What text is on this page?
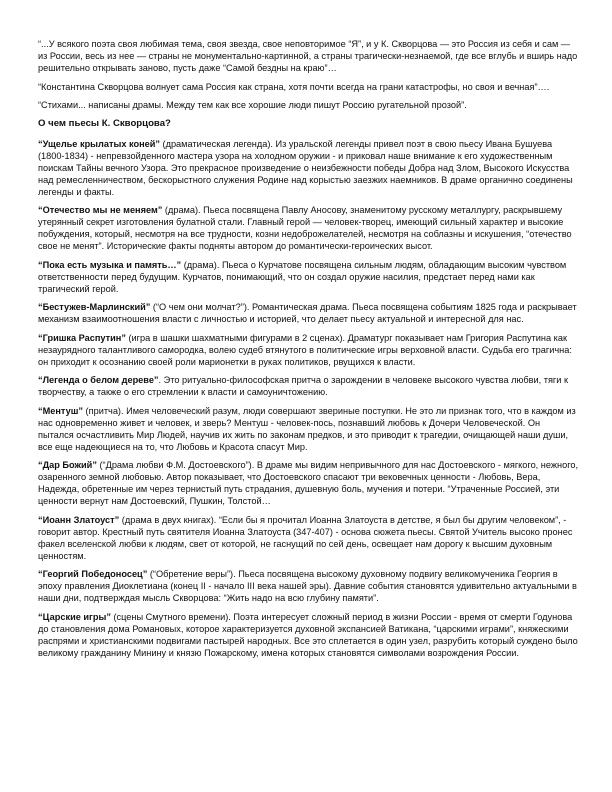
“...У всякого поэта своя любимая тема, своя звезда, свое неповторимое “Я”, и у К. Скворцова — это Россия из себя и сам — из России, весь из нее — страны не монументально-картинной, а страны трагически-незнаемой, где все вглубь и вширь надо решительно открывать заново, пусть даже “Самой бездны на краю”…

“Константина Скворцова волнует сама Россия как страна, хотя почти всегда на грани катастрофы, но своя и вечная”….

“Стихами... написаны драмы. Между тем как все хорошие люди пишут Россию ругательной прозой”.

О чем пьесы К. Скворцова?

“Ущелье крылатых коней” (драматическая легенда). Из уральской легенды привел поэт в свою пьесу Ивана Бушуева (1800-1834) - непревзойденного мастера узора на холодном оружии - и приковал наше внимание к его художественным поискам Тайны вечного Узора. Это прекрасное произведение о неизбежности победы Добра над Злом, Высокого Искусства над ремесленничеством, бескорыстного служения Родине над корыстью заезжих наемников. В драме органично соединены легенды и факты.

“Отечество мы не меняем” (драма). Пьеса посвящена Павлу Аносову, знаменитому русскому металлургу, раскрывшему утерянный секрет изготовления булатной стали. Главный герой — человек-творец, имеющий сильный характер и высокие побуждения, который, несмотря на все трудности, козни недоброжелателей, несмотря на соблазны и искушения, “отечество свое не менят”. Исторические факты подняты автором до романтически-героических высот.

“Пока есть музыка и память…” (драма). Пьеса о Курчатове посвящена сильным людям, обладающим высоким чувством ответственности перед будущим. Курчатов, понимающий, что он создал оружие насилия, предстает перед нами как трагический герой.

“Бестужев-Марлинский” (“О чем они молчат?”). Романтическая драма. Пьеса посвящена событиям 1825 года и раскрывает механизм взаимоотношения власти с личностью и историей, что делает пьесу актуальной и интересной для нас.

“Гришка Распутин” (игра в шашки шахматными фигурами в 2 сценах). Драматург показывает нам Григория Распутина как незаурядного талантливого самородка, волею судеб втянутого в политические игры верховной власти. Судьба его трагична: он приходит к осознанию своей роли марионетки в руках политиков, рвущихся к власти.

“Легенда о белом дереве”. Это ритуально-философская притча о зарождении в человеке высокого чувства любви, тяги к творчеству, а также о его стремлении к власти и самоуничтожению.

“Ментуш” (притча). Имея человеческий разум, люди совершают звериные поступки. Не это ли признак того, что в каждом из нас одновременно живет и человек, и зверь? Ментуш - человек-пось, познавший любовь к Дочери Человеческой. Он пытался осчастливить Мир Людей, научив их жить по законам предков, и это приводит к трагедии, очищающей наши души, все еще надеющиеся на то, что Любовь и Красота спасут Мир.

“Дар Божий” (“Драма любви Ф.М. Достоевского”). В драме мы видим непривычного для нас Достоевского - мягкого, нежного, озаренного земной любовью. Автор показывает, что Достоевского спасают три вековечных ценности - Любовь, Вера, Надежда, обретенные им через тернистый путь страдания, душевную боль, мучения и потери. “Утраченные Россией, эти ценности вернут нам Достоевский, Пушкин, Толстой…

“Иоанн Златоуст” (драма в двух книгах). “Если бы я прочитал Иоанна Златоуста в детстве, я был бы другим человеком”, - говорит автор. Крестный путь святителя Иоанна Златоуста (347-407) - основа сюжета пьесы. Святой Учитель высоко пронес факел вселенской любви к людям, свет от которой, не гаснущий по сей день, освещает нам дорогу к высшим духовным ценностям.

“Георгий Победоносец” (“Обретение веры”). Пьеса посвящена высокому духовному подвигу великомученика Георгия в эпоху правления Диоклетиана (конец II - начало III века нашей эры). Давние события становятся удивительно актуальными в наши дни, подтверждая мысль Скворцова: “Жить надо на всю глубину памяти”.

“Царские игры” (сцены Смутного времени). Поэта интересует сложный период в жизни России - время от смерти Годунова до становления дома Романовых, которое характеризуется духовной экспансией Ватикана, “царскими играми”, княжескими распрями и христианскими подвигами пастырей народных. Все это сплетается в один узел, разрубить который суждено было великому гражданину Минину и князю Пожарскому, имена которых становятся символами возрождения России.
